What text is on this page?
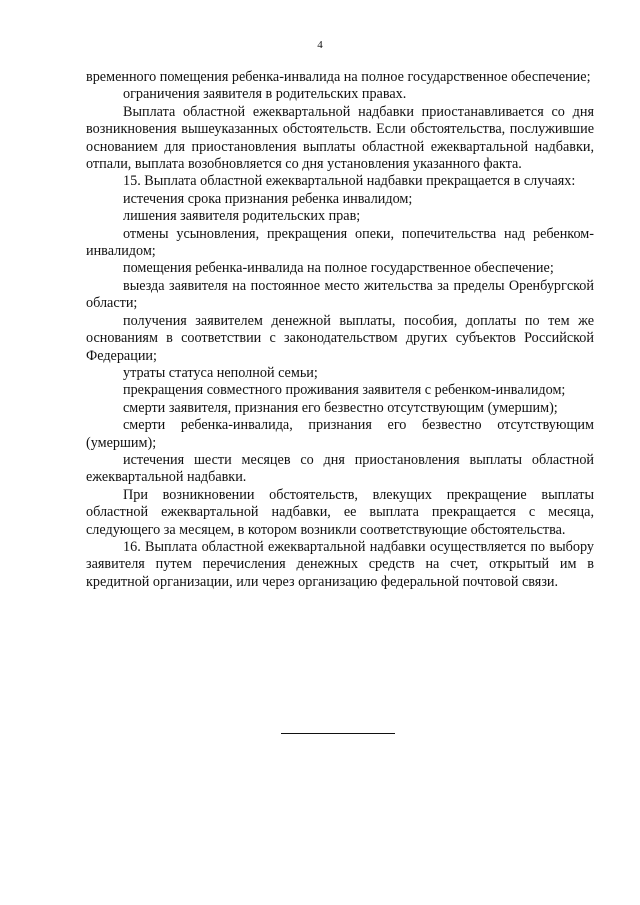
4

временного помещения ребенка-инвалида на полное государственное обеспечение;

ограничения заявителя в родительских правах.

Выплата областной ежеквартальной надбавки приостанавливается со дня возникновения вышеуказанных обстоятельств. Если обстоятельства, послужившие основанием для приостановления выплаты областной ежеквартальной надбавки, отпали, выплата возобновляется со дня установления указанного факта.

15. Выплата областной ежеквартальной надбавки прекращается в случаях:

истечения срока признания ребенка инвалидом;

лишения заявителя родительских прав;

отмены усыновления, прекращения опеки, попечительства над ребенком-инвалидом;

помещения ребенка-инвалида на полное государственное обеспечение;

выезда заявителя на постоянное место жительства за пределы Оренбургской области;

получения заявителем денежной выплаты, пособия, доплаты по тем же основаниям в соответствии с законодательством других субъектов Российской Федерации;

утраты статуса неполной семьи;

прекращения совместного проживания заявителя с ребенком-инвалидом;

смерти заявителя, признания его безвестно отсутствующим (умершим);

смерти ребенка-инвалида, признания его безвестно отсутствующим (умершим);

истечения шести месяцев со дня приостановления выплаты областной ежеквартальной надбавки.

При возникновении обстоятельств, влекущих прекращение выплаты областной ежеквартальной надбавки, ее выплата прекращается с месяца, следующего за месяцем, в котором возникли соответствующие обстоятельства.

16. Выплата областной ежеквартальной надбавки осуществляется по выбору заявителя путем перечисления денежных средств на счет, открытый им в кредитной организации, или через организацию федеральной почтовой связи.
